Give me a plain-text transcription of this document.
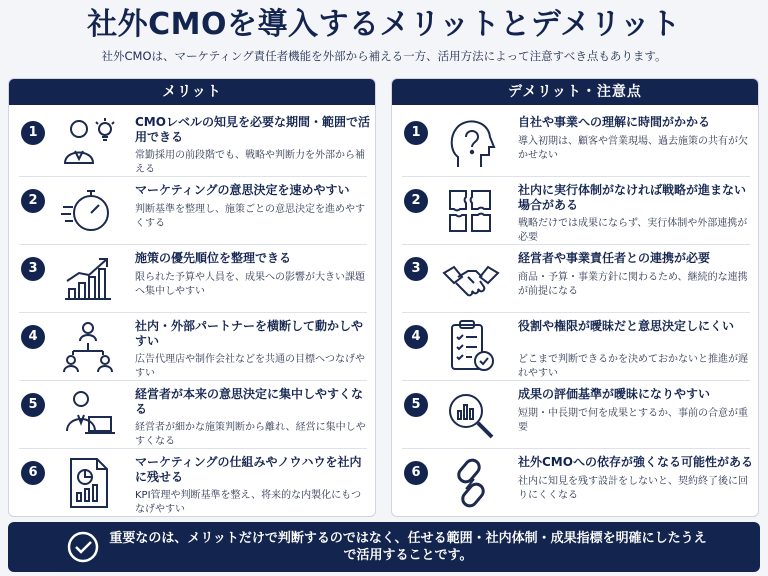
社外CMOを導入するメリットとデメリット
社外CMOは、マーケティング責任者機能を外部から補える一方、活用方法によって注意すべき点もあります。
メリット
1
CMOレベルの知見を必要な期間・範囲で活用できる
常勤採用の前段階でも、戦略や判断力を外部から補える
2
マーケティングの意思決定を速めやすい
判断基準を整理し、施策ごとの意思決定を進めやすくする
3
施策の優先順位を整理できる
限られた予算や人員を、成果への影響が大きい課題へ集中しやすい
4
社内・外部パートナーを横断して動かしやすい
広告代理店や制作会社などを共通の目標へつなげやすい
5
経営者が本来の意思決定に集中しやすくなる
経営者が細かな施策判断から離れ、経営に集中しやすくなる
6
マーケティングの仕組みやノウハウを社内に残せる
KPI管理や判断基準を整え、将来的な内製化にもつなげやすい
デメリット・注意点
1
自社や事業への理解に時間がかかる
導入初期は、顧客や営業現場、過去施策の共有が欠かせない
2
社内に実行体制がなければ戦略が進まない場合がある
戦略だけでは成果にならず、実行体制や外部連携が必要
3
経営者や事業責任者との連携が必要
商品・予算・事業方針に関わるため、継続的な連携が前提になる
4
役割や権限が曖昧だと意思決定しにくい
どこまで判断できるかを決めておかないと推進が遅れやすい
5
成果の評価基準が曖昧になりやすい
短期・中長期で何を成果とするか、事前の合意が重要
6
社外CMOへの依存が強くなる可能性がある
社内に知見を残す設計をしないと、契約終了後に回りにくくなる
重要なのは、メリットだけで判断するのではなく、任せる範囲・社内体制・成果指標を明確にしたうえで活用することです。
